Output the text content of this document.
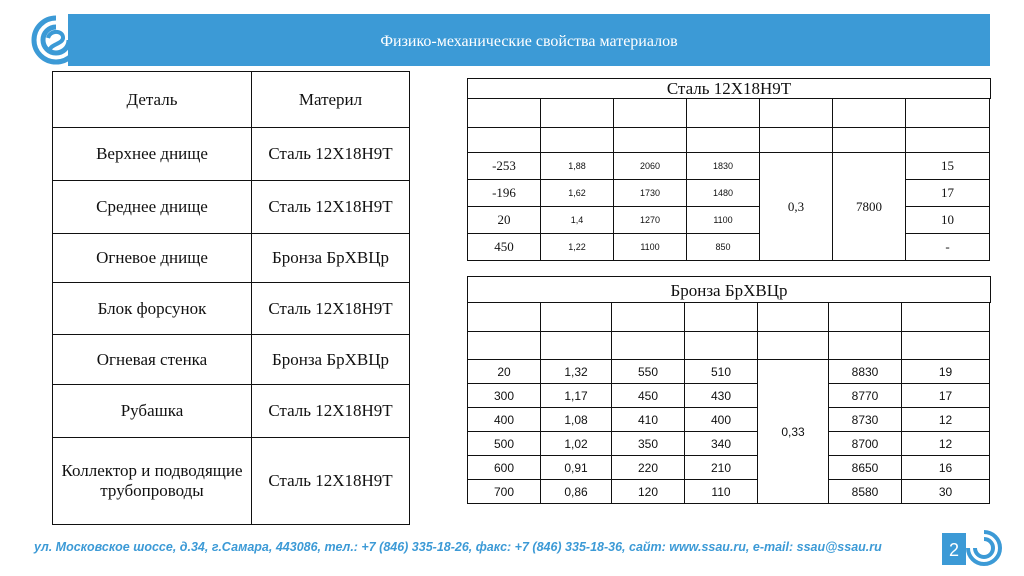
Физико-механические свойства материалов
Деталь	Материл
Верхнее днище	Сталь 12Х18Н9Т
Среднее днище	Сталь 12Х18Н9Т
Огневое днище	Бронза БрХВЦр
Блок форсунок	Сталь 12Х18Н9Т
Огневая стенка	Бронза БрХВЦр
Рубашка	Сталь 12Х18Н9Т
Коллектор и подводящие трубопроводы	Сталь 12Х18Н9Т
Сталь 12Х18Н9Т

-253	1,88	2060	1830	0,3	7800	15
-196	1,62	1730	1480			17
20	1,4	1270	1100			10
450	1,22	1100	850			-
Бронза БрХВЦр

20	1,32	550	510	0,33	8830	19
300	1,17	450	430		8770	17
400	1,08	410	400		8730	12
500	1,02	350	340		8700	12
600	0,91	220	210		8650	16
700	0,86	120	110		8580	30
ул. Московское шоссе, д.34, г.Самара, 443086, тел.: +7 (846) 335-18-26, факс: +7 (846) 335-18-36, сайт: www.ssau.ru, e-mail: ssau@ssau.ru	2
